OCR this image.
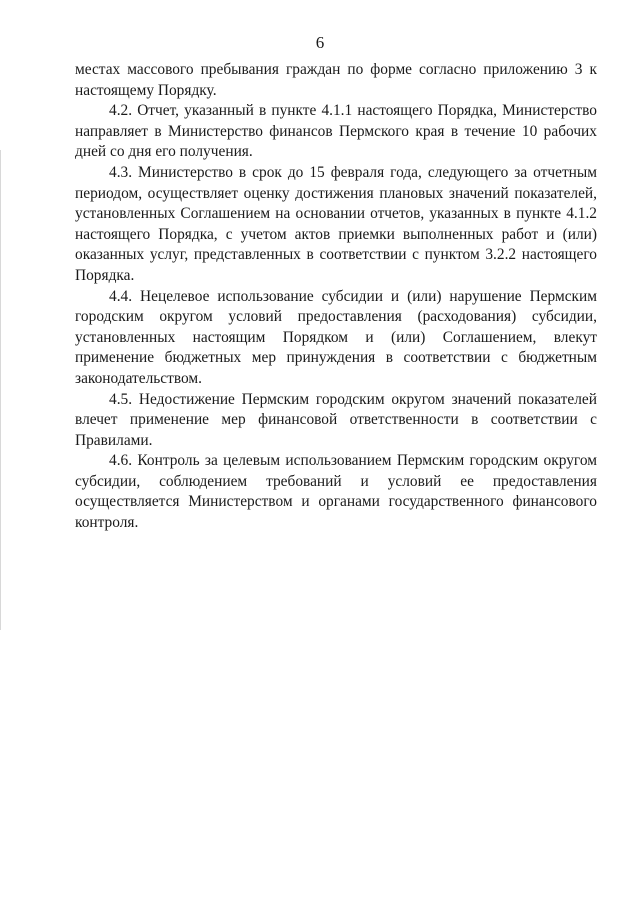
6

местах массового пребывания граждан по форме согласно приложению 3 к настоящему Порядку.

4.2. Отчет, указанный в пункте 4.1.1 настоящего Порядка, Министерство направляет в Министерство финансов Пермского края в течение 10 рабочих дней со дня его получения.

4.3. Министерство в срок до 15 февраля года, следующего за отчетным периодом, осуществляет оценку достижения плановых значений показателей, установленных Соглашением на основании отчетов, указанных в пункте 4.1.2 настоящего Порядка, с учетом актов приемки выполненных работ и (или) оказанных услуг, представленных в соответствии с пунктом 3.2.2 настоящего Порядка.

4.4. Нецелевое использование субсидии и (или) нарушение Пермским городским округом условий предоставления (расходования) субсидии, установленных настоящим Порядком и (или) Соглашением, влекут применение бюджетных мер принуждения в соответствии с бюджетным законодательством.

4.5. Недостижение Пермским городским округом значений показателей влечет применение мер финансовой ответственности в соответствии с Правилами.

4.6. Контроль за целевым использованием Пермским городским округом субсидии, соблюдением требований и условий ее предоставления осуществляется Министерством и органами государственного финансового контроля.
